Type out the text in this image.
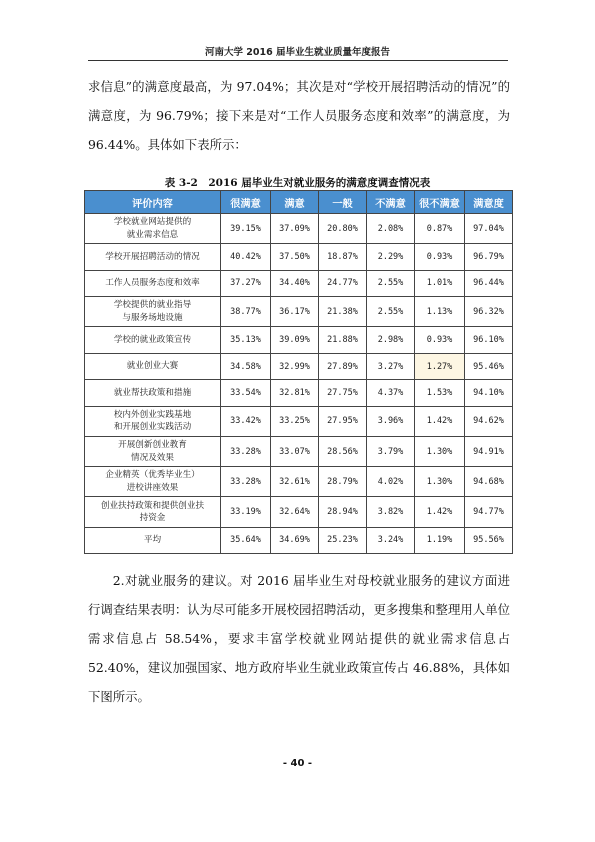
河南大学 2016 届毕业生就业质量年度报告

求信息”的满意度最高，为 97.04%；其次是对“学校开展招聘活动的情况”的满意度，为 96.79%；接下来是对“工作人员服务态度和效率”的满意度，为 96.44%。具体如下表所示：

表 3-2　2016 届毕业生对就业服务的满意度调查情况表
评价内容	很满意	满意	一般	不满意	很不满意	满意度
学校就业网站提供的
就业需求信息	39.15%	37.09%	20.80%	2.08%	0.87%	97.04%
学校开展招聘活动的情况	40.42%	37.50%	18.87%	2.29%	0.93%	96.79%
工作人员服务态度和效率	37.27%	34.40%	24.77%	2.55%	1.01%	96.44%
学校提供的就业指导
与服务场地设施	38.77%	36.17%	21.38%	2.55%	1.13%	96.32%
学校的就业政策宣传	35.13%	39.09%	21.88%	2.98%	0.93%	96.10%
就业创业大赛	34.58%	32.99%	27.89%	3.27%	1.27%	95.46%
就业帮扶政策和措施	33.54%	32.81%	27.75%	4.37%	1.53%	94.10%
校内外创业实践基地
和开展创业实践活动	33.42%	33.25%	27.95%	3.96%	1.42%	94.62%
开展创新创业教育
情况及效果	33.28%	33.07%	28.56%	3.79%	1.30%	94.91%
企业精英（优秀毕业生）
进校讲座效果	33.28%	32.61%	28.79%	4.02%	1.30%	94.68%
创业扶持政策和提供创业扶
持资金	33.19%	32.64%	28.94%	3.82%	1.42%	94.77%
平均	35.64%	34.69%	25.23%	3.24%	1.19%	95.56%

2.对就业服务的建议。对 2016 届毕业生对母校就业服务的建议方面进行调查结果表明：认为尽可能多开展校园招聘活动，更多搜集和整理用人单位需求信息占 58.54%，要求丰富学校就业网站提供的就业需求信息占 52.40%，建议加强国家、地方政府毕业生就业政策宣传占 46.88%，具体如下图所示。

- 40 -
